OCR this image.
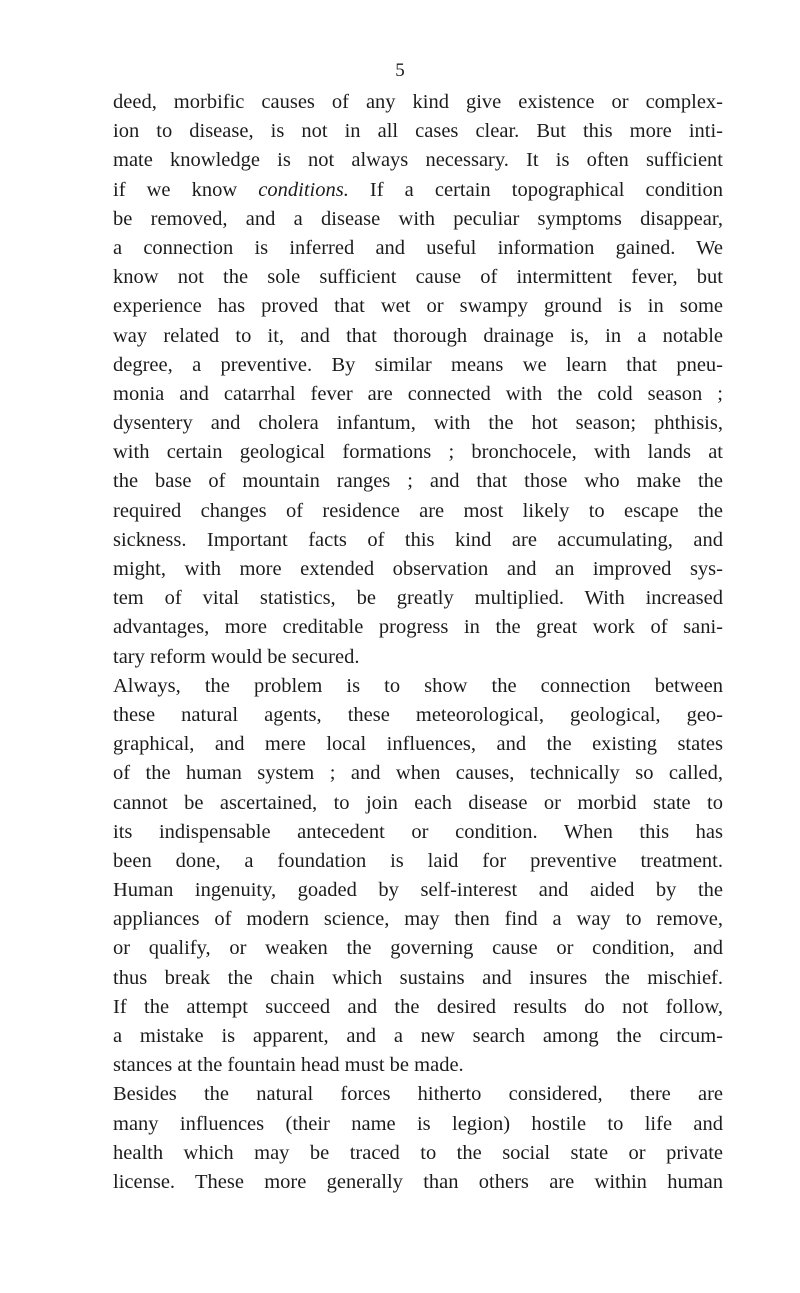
5

deed, morbific causes of any kind give existence or complex-
ion to disease, is not in all cases clear. But this more inti-
mate knowledge is not always necessary. It is often sufficient
if we know conditions. If a certain topographical condition
be removed, and a disease with peculiar symptoms disappear,
a connection is inferred and useful information gained. We
know not the sole sufficient cause of intermittent fever, but
experience has proved that wet or swampy ground is in some
way related to it, and that thorough drainage is, in a notable
degree, a preventive. By similar means we learn that pneu-
monia and catarrhal fever are connected with the cold season ;
dysentery and cholera infantum, with the hot season; phthisis,
with certain geological formations ; bronchocele, with lands at
the base of mountain ranges ; and that those who make the
required changes of residence are most likely to escape the
sickness. Important facts of this kind are accumulating, and
might, with more extended observation and an improved sys-
tem of vital statistics, be greatly multiplied. With increased
advantages, more creditable progress in the great work of sani-
tary reform would be secured.
Always, the problem is to show the connection between
these natural agents, these meteorological, geological, geo-
graphical, and mere local influences, and the existing states
of the human system ; and when causes, technically so called,
cannot be ascertained, to join each disease or morbid state to
its indispensable antecedent or condition. When this has
been done, a foundation is laid for preventive treatment.
Human ingenuity, goaded by self-interest and aided by the
appliances of modern science, may then find a way to remove,
or qualify, or weaken the governing cause or condition, and
thus break the chain which sustains and insures the mischief.
If the attempt succeed and the desired results do not follow,
a mistake is apparent, and a new search among the circum-
stances at the fountain head must be made.
Besides the natural forces hitherto considered, there are
many influences (their name is legion) hostile to life and
health which may be traced to the social state or private
license. These more generally than others are within human
